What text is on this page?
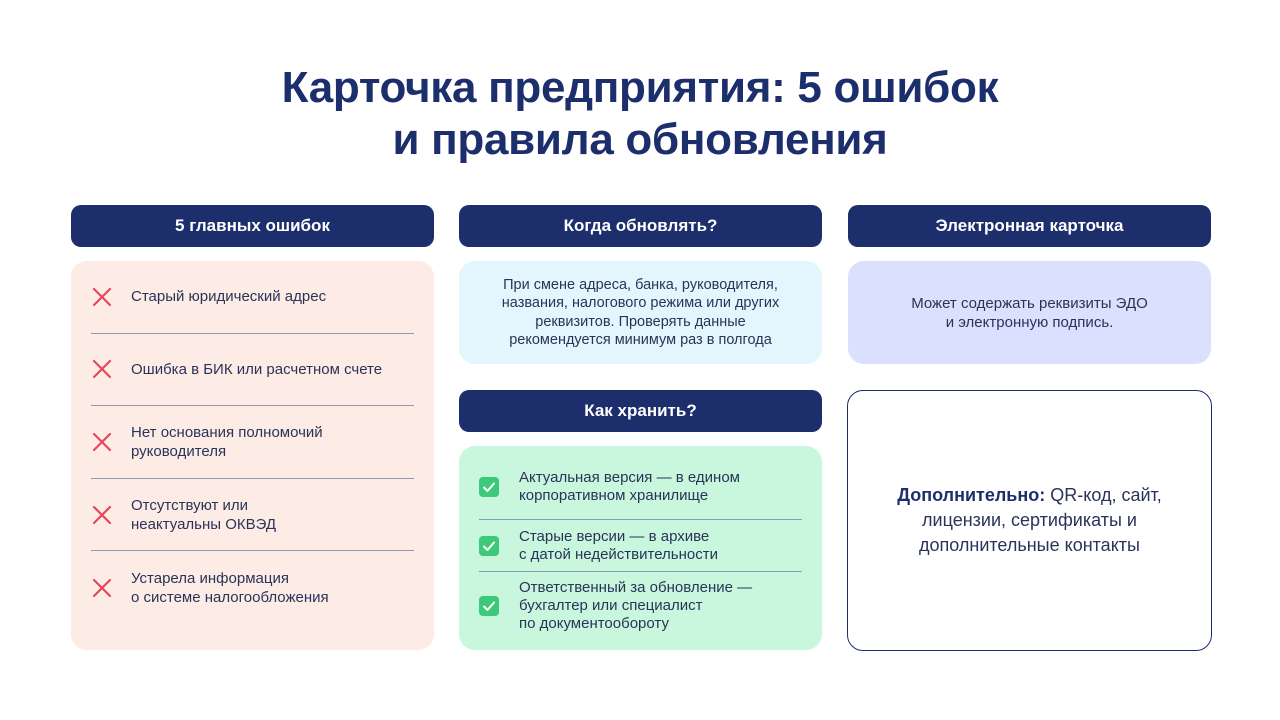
Карточка предприятия: 5 ошибок
и правила обновления
5 главных ошибок
Старый юридический адрес
Ошибка в БИК или расчетном счете
Нет основания полномочий
руководителя
Отсутствуют или
неактуальны ОКВЭД
Устарела информация
о системе налогообложения
Когда обновлять?
При смене адреса, банка, руководителя,
названия, налогового режима или других
реквизитов. Проверять данные
рекомендуется минимум раз в полгода
Как хранить?
Актуальная версия — в едином
корпоративном хранилище
Старые версии — в архиве
с датой недействительности
Ответственный за обновление —
бухгалтер или специалист
по документообороту
Электронная карточка
Может содержать реквизиты ЭДО
и электронную подпись.

Дополнительно: QR-код, сайт, лицензии, сертификаты и дополнительные контакты
